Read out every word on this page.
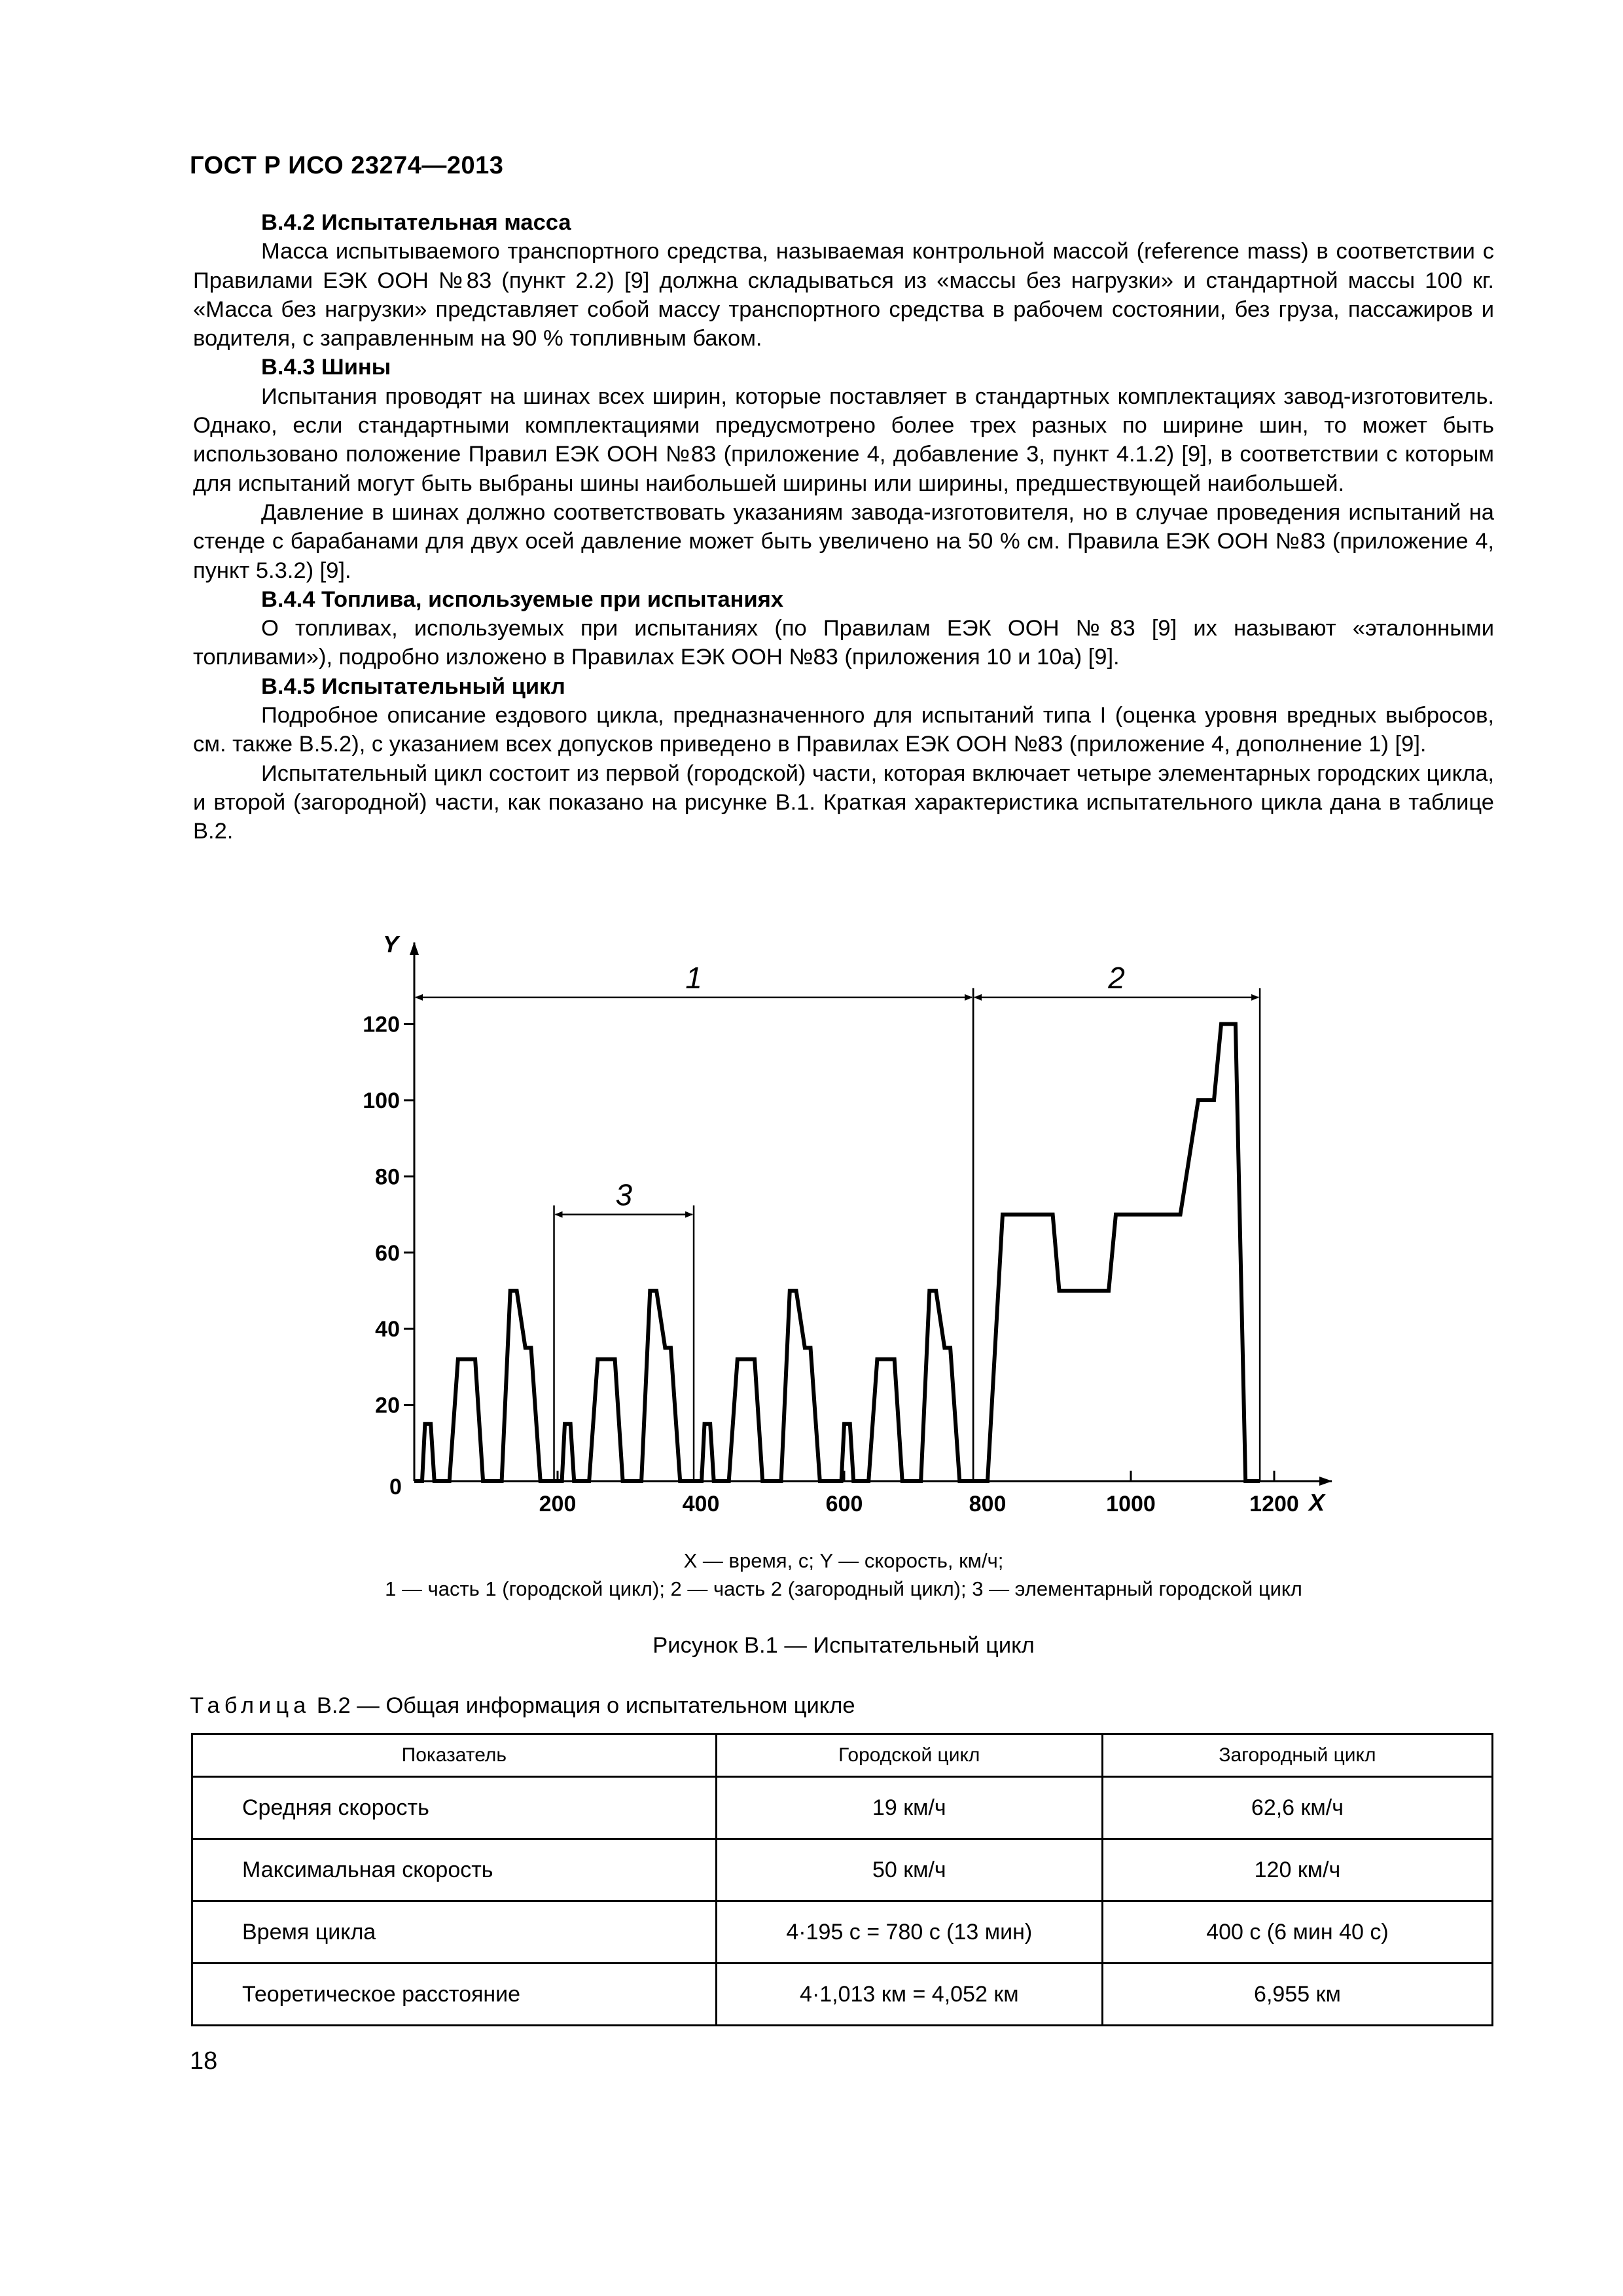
ГОСТ Р ИСО 23274—2013
В.4.2 Испытательная масса
Масса испытываемого транспортного средства, называемая контрольной массой (reference mass) в соответствии с Правилами ЕЭК ООН №83 (пункт 2.2) [9] должна складываться из «массы без нагрузки» и стандартной массы 100 кг. «Масса без нагрузки» представляет собой массу транспортного средства в рабочем состоянии, без груза, пассажиров и водителя, с заправленным на 90 % топливным баком.
В.4.3 Шины
Испытания проводят на шинах всех ширин, которые поставляет в стандартных комплектациях завод-изготовитель. Однако, если стандартными комплектациями предусмотрено более трех разных по ширине шин, то может быть использовано положение Правил ЕЭК ООН №83 (приложение 4, добавление 3, пункт 4.1.2) [9], в соответствии с которым для испытаний могут быть выбраны шины наибольшей ширины или ширины, предшествующей наибольшей.
Давление в шинах должно соответствовать указаниям завода-изготовителя, но в случае проведения испытаний на стенде с барабанами для двух осей давление может быть увеличено на 50 % см. Правила ЕЭК ООН №83 (приложение 4, пункт 5.3.2) [9].
В.4.4 Топлива, используемые при испытаниях
О топливах, используемых при испытаниях (по Правилам ЕЭК ООН №83 [9] их называют «эталонными топливами»), подробно изложено в Правилах ЕЭК ООН №83 (приложения 10 и 10а) [9].
В.4.5 Испытательный цикл
Подробное описание ездового цикла, предназначенного для испытаний типа I (оценка уровня вредных выбросов, см. также В.5.2), с указанием всех допусков приведено в Правилах ЕЭК ООН №83 (приложение 4, дополнение 1) [9].
Испытательный цикл состоит из первой (городской) части, которая включает четыре элементарных городских цикла, и второй (загородной) части, как показано на рисунке В.1. Краткая характеристика испытательного цикла дана в таблице В.2.
Y
X
0
200	400	600	800	1000	1200
20
40
60
80
100
120
1	2
3
X — время, с; Y — скорость, км/ч;
1 — часть 1 (городской цикл); 2 — часть 2 (загородный цикл); 3 — элементарный городской цикл
Рисунок В.1 — Испытательный цикл
Таблица В.2 — Общая информация о испытательном цикле
Показатель	Городской цикл	Загородный цикл
Средняя скорость	19 км/ч	62,6 км/ч
Максимальная скорость	50 км/ч	120 км/ч
Время цикла	4·195 с = 780 с (13 мин)	400 с (6 мин 40 с)
Теоретическое расстояние	4·1,013 км = 4,052 км	6,955 км
18
